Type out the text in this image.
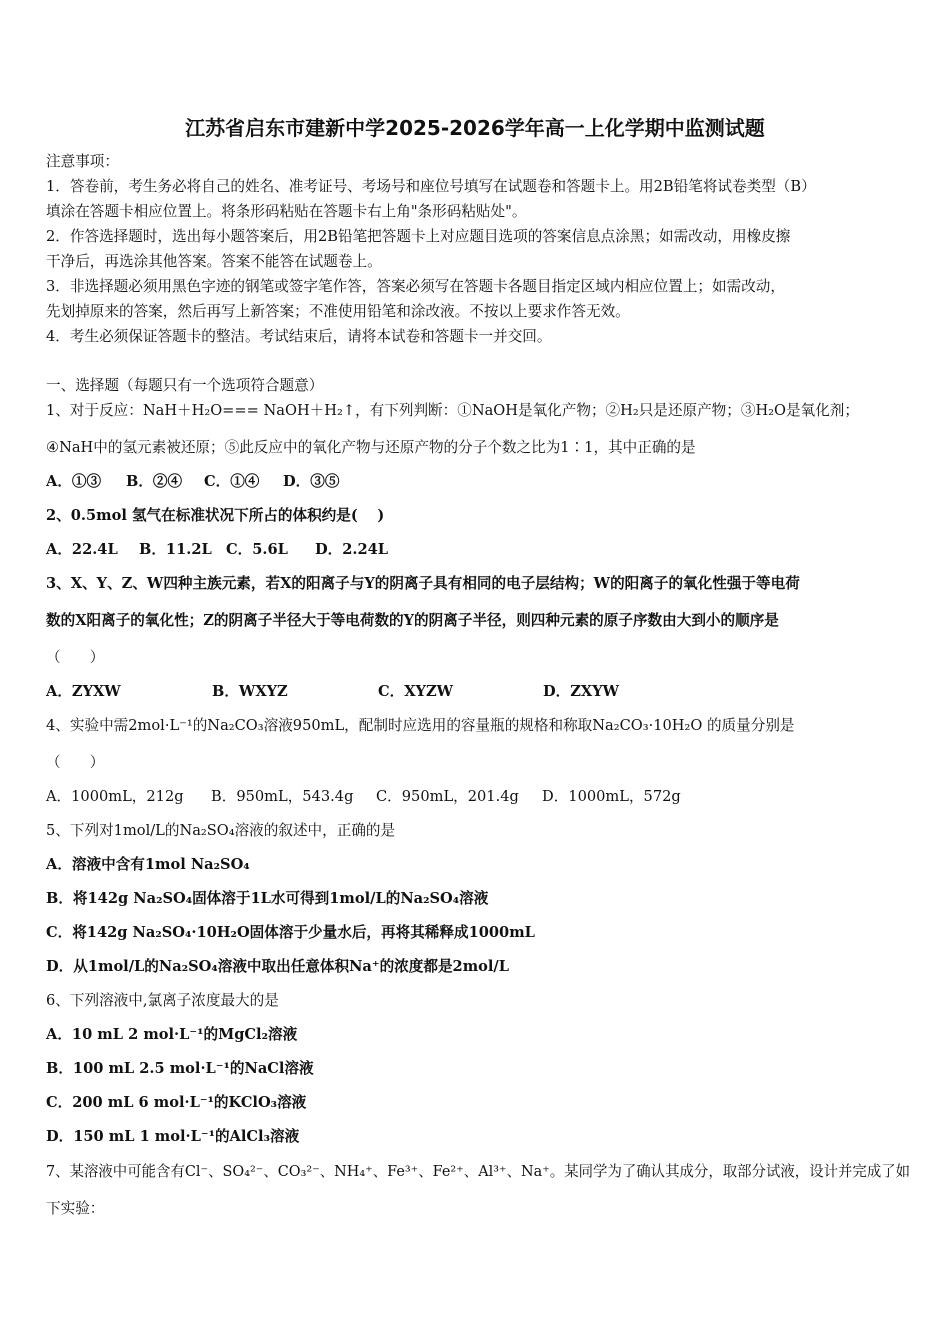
江苏省启东市建新中学2025-2026学年高一上化学期中监测试题
注意事项：
1．答卷前，考生务必将自己的姓名、准考证号、考场号和座位号填写在试题卷和答题卡上。用2B铅笔将试卷类型（B）
填涂在答题卡相应位置上。将条形码粘贴在答题卡右上角"条形码粘贴处"。
2．作答选择题时，选出每小题答案后，用2B铅笔把答题卡上对应题目选项的答案信息点涂黑；如需改动，用橡皮擦
干净后，再选涂其他答案。答案不能答在试题卷上。
3．非选择题必须用黑色字迹的钢笔或签字笔作答，答案必须写在答题卡各题目指定区域内相应位置上；如需改动，
先划掉原来的答案，然后再写上新答案；不准使用铅笔和涂改液。不按以上要求作答无效。
4．考生必须保证答题卡的整洁。考试结束后，请将本试卷和答题卡一并交回。
一、选择题（每题只有一个选项符合题意）
1、对于反应：NaH＋H₂O=== NaOH＋H₂↑，有下列判断：①NaOH是氧化产物；②H₂只是还原产物；③H₂O是氧化剂；
④NaH中的氢元素被还原；⑤此反应中的氧化产物与还原产物的分子个数之比为1∶1，其中正确的是
A．①③ B．②④ C．①④ D．③⑤
2、0.5mol 氢气在标准状况下所占的体积约是(　 )
A．22.4L B．11.2L C．5.6L D．2.24L
3、X、Y、Z、W四种主族元素，若X的阳离子与Y的阴离子具有相同的电子层结构；W的阳离子的氧化性强于等电荷
数的X阳离子的氧化性；Z的阴离子半径大于等电荷数的Y的阴离子半径，则四种元素的原子序数由大到小的顺序是
（　　）
A．ZYXW	B．WXYZ	C．XYZW	D．ZXYW
4、实验中需2mol·L⁻¹的Na₂CO₃溶液950mL，配制时应选用的容量瓶的规格和称取Na₂CO₃·10H₂O 的质量分别是
（　　）
A．1000mL，212g B．950mL，543.4g C．950mL，201.4g D．1000mL，572g
5、下列对1mol/L的Na₂SO₄溶液的叙述中，正确的是
A．溶液中含有1mol Na₂SO₄
B．将142g Na₂SO₄固体溶于1L水可得到1mol/L的Na₂SO₄溶液
C．将142g Na₂SO₄·10H₂O固体溶于少量水后，再将其稀释成1000mL
D．从1mol/L的Na₂SO₄溶液中取出任意体积Na⁺的浓度都是2mol/L
6、下列溶液中,氯离子浓度最大的是
A．10 mL 2 mol·L⁻¹的MgCl₂溶液
B．100 mL 2.5 mol·L⁻¹的NaCl溶液
C．200 mL 6 mol·L⁻¹的KClO₃溶液
D．150 mL 1 mol·L⁻¹的AlCl₃溶液
7、某溶液中可能含有Cl⁻、SO₄²⁻、CO₃²⁻、NH₄⁺、Fe³⁺、Fe²⁺、Al³⁺、Na⁺。某同学为了确认其成分，取部分试液，设计并完成了如
下实验：
